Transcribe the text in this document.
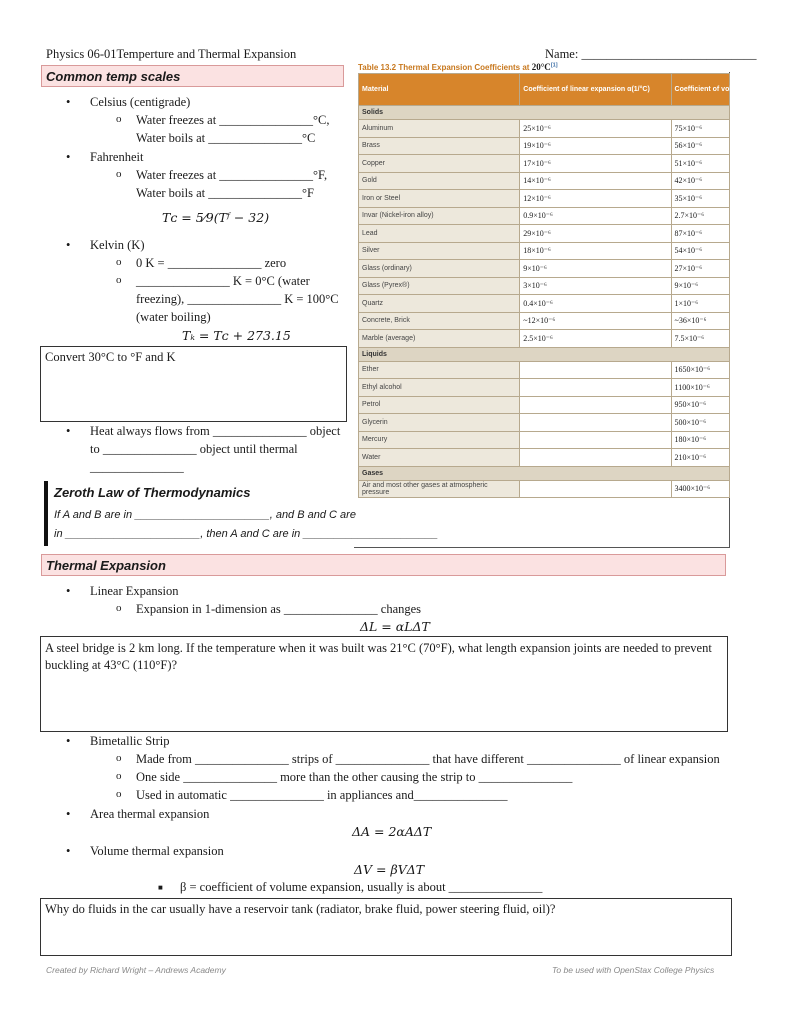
Physics 06-01Temperture and Thermal Expansion	Name: ____________________________
Common temp scales
• Celsius (centigrade)
o Water freezes at _______________°C,
Water boils at _______________°C
• Fahrenheit
o Water freezes at _______________°F,
Water boils at _______________°F
Tᴄ = 5⁄9(Tᶠ − 32)
• Kelvin (K)
o 0 K = _______________ zero
o _______________ K = 0°C (water
freezing), _______________ K = 100°C
(water boiling)
Tₖ = Tᴄ + 273.15
Convert 30°C to °F and K
• Heat always flows from _______________ object
to _______________ object until thermal
_______________
Zeroth Law of Thermodynamics
If A and B are in ______________________, and B and C are
in ______________________, then A and C are in ______________________
Table 13.2 Thermal Expansion Coefficients at 20°C[1]
Material	Coefficient of linear expansion α(1/°C)	Coefficient of volume expansion β(1/°C)
Solids		
Aluminum	25×10⁻⁶	75×10⁻⁶
Brass	19×10⁻⁶	56×10⁻⁶
Copper	17×10⁻⁶	51×10⁻⁶
Gold	14×10⁻⁶	42×10⁻⁶
Iron or Steel	12×10⁻⁶	35×10⁻⁶
Invar (Nickel-iron alloy)	0.9×10⁻⁶	2.7×10⁻⁶
Lead	29×10⁻⁶	87×10⁻⁶
Silver	18×10⁻⁶	54×10⁻⁶
Glass (ordinary)	9×10⁻⁶	27×10⁻⁶
Glass (Pyrex®)	3×10⁻⁶	9×10⁻⁶
Quartz	0.4×10⁻⁶	1×10⁻⁶
Concrete, Brick	~12×10⁻⁶	~36×10⁻⁶
Marble (average)	2.5×10⁻⁶	7.5×10⁻⁶
Liquids		
Ether		1650×10⁻⁶
Ethyl alcohol		1100×10⁻⁶
Petrol		950×10⁻⁶
Glycerin		500×10⁻⁶
Mercury		180×10⁻⁶
Water		210×10⁻⁶
Gases		
Air and most other gases at atmospheric pressure		3400×10⁻⁶
Thermal Expansion
• Linear Expansion
o Expansion in 1-dimension as _______________ changes
ΔL = αLΔT
A steel bridge is 2 km long. If the temperature when it was built was 21°C (70°F), what length expansion joints are needed to prevent buckling at 43°C (110°F)?
• Bimetallic Strip
o Made from _______________ strips of _______________ that have different _______________ of linear expansion
o One side _______________ more than the other causing the strip to _______________
o Used in automatic _______________ in appliances and_______________
• Area thermal expansion
ΔA = 2αAΔT
• Volume thermal expansion
ΔV = βVΔT
■ β = coefficient of volume expansion, usually is about _______________
Why do fluids in the car usually have a reservoir tank (radiator, brake fluid, power steering fluid, oil)?
Created by Richard Wright – Andrews Academy	To be used with OpenStax College Physics
